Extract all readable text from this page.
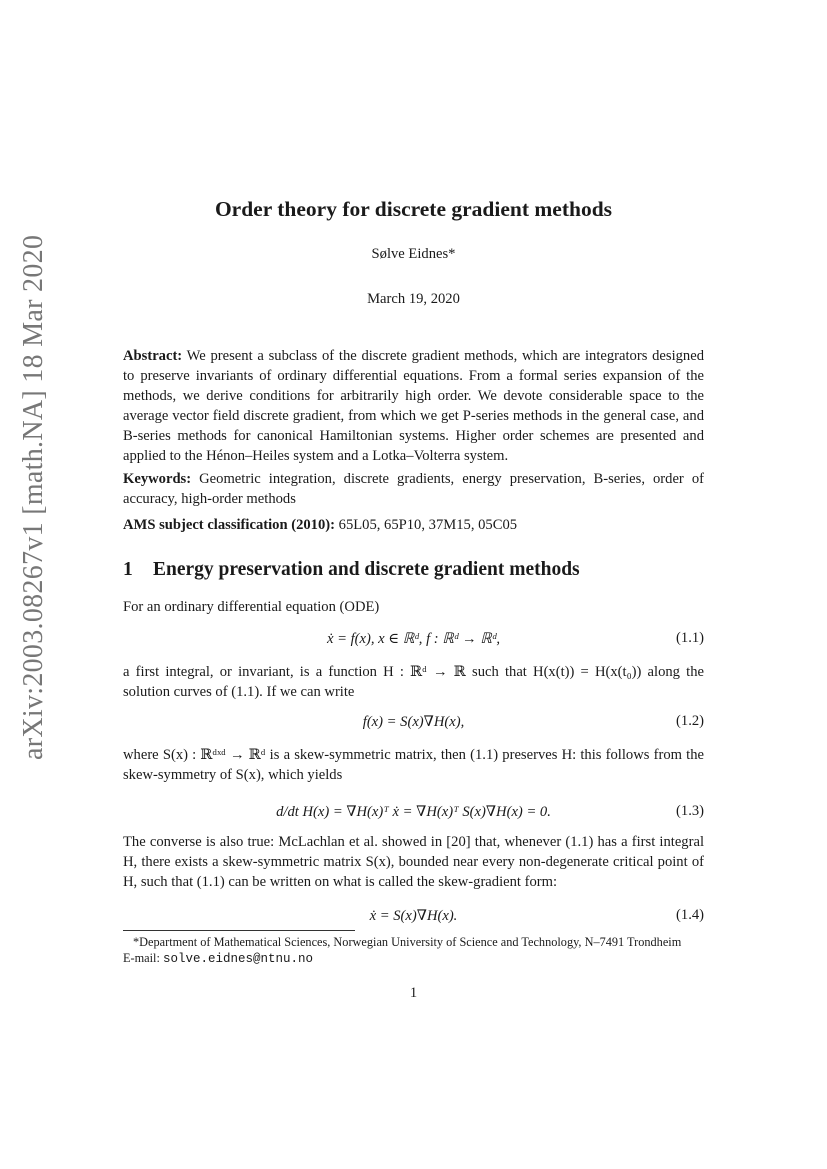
arXiv:2003.08267v1 [math.NA] 18 Mar 2020
Order theory for discrete gradient methods
Sølve Eidnes*
March 19, 2020
Abstract: We present a subclass of the discrete gradient methods, which are integrators designed to preserve invariants of ordinary differential equations. From a formal series expansion of the methods, we derive conditions for arbitrarily high order. We devote considerable space to the average vector field discrete gradient, from which we get P-series methods in the general case, and B-series methods for canonical Hamiltonian systems. Higher order schemes are presented and applied to the Hénon–Heiles system and a Lotka–Volterra system.
Keywords: Geometric integration, discrete gradients, energy preservation, B-series, order of accuracy, high-order methods
AMS subject classification (2010): 65L05, 65P10, 37M15, 05C05
1 Energy preservation and discrete gradient methods
For an ordinary differential equation (ODE)
ẋ = f(x), x ∈ ℝᵈ, f : ℝᵈ → ℝᵈ,	(1.1)
a first integral, or invariant, is a function H : ℝᵈ → ℝ such that H(x(t)) = H(x(t₀)) along the solution curves of (1.1). If we can write
f(x) = S(x)∇H(x),	(1.2)
where S(x) : ℝᵈˣᵈ → ℝᵈ is a skew-symmetric matrix, then (1.1) preserves H: this follows from the skew-symmetry of S(x), which yields
d/dt H(x) = ∇H(x)ᵀ ẋ = ∇H(x)ᵀ S(x)∇H(x) = 0.	(1.3)
The converse is also true: McLachlan et al. showed in [20] that, whenever (1.1) has a first integral H, there exists a skew-symmetric matrix S(x), bounded near every non-degenerate critical point of H, such that (1.1) can be written on what is called the skew-gradient form:
ẋ = S(x)∇H(x).	(1.4)
*Department of Mathematical Sciences, Norwegian University of Science and Technology, N–7491 Trondheim
E-mail: solve.eidnes@ntnu.no
1
